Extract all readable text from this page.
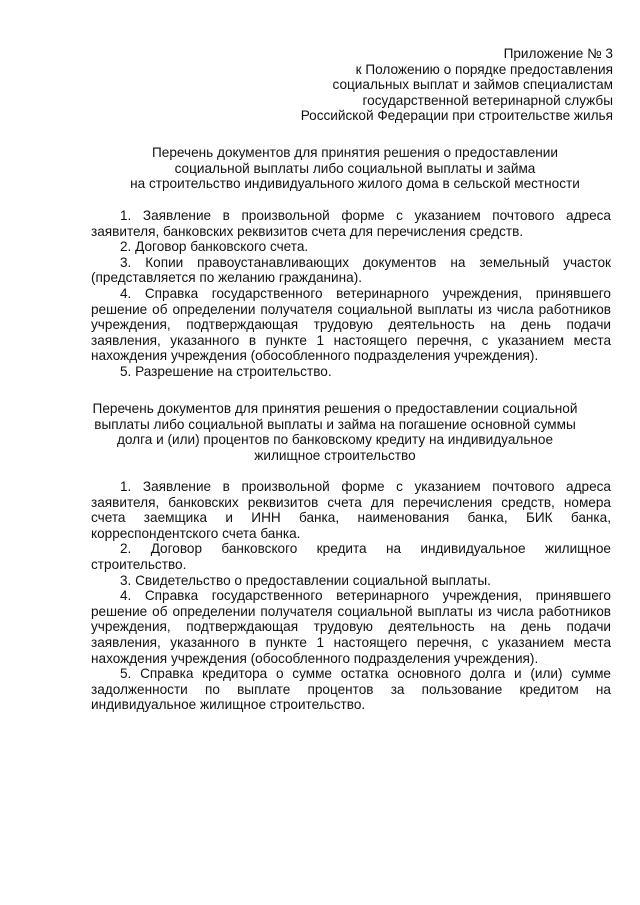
Приложение № 3
к Положению о порядке предоставления
социальных выплат и займов специалистам
государственной ветеринарной службы
Российской Федерации при строительстве жилья
Перечень документов для принятия решения о предоставлении
социальной выплаты либо социальной выплаты и займа
на строительство индивидуального жилого дома в сельской местности

1. Заявление в произвольной форме с указанием почтового адреса заявителя, банковских реквизитов счета для перечисления средств.

2. Договор банковского счета.

3. Копии правоустанавливающих документов на земельный участок (представляется по желанию гражданина).

4. Справка государственного ветеринарного учреждения, принявшего решение об определении получателя социальной выплаты из числа работников учреждения, подтверждающая трудовую деятельность на день подачи заявления, указанного в пункте 1 настоящего перечня, с указанием места нахождения учреждения (обособленного подразделения учреждения).

5. Разрешение на строительство.

Перечень документов для принятия решения о предоставлении социальной
выплаты либо социальной выплаты и займа на погашение основной суммы
долга и (или) процентов по банковскому кредиту на индивидуальное
жилищное строительство

1. Заявление в произвольной форме с указанием почтового адреса заявителя, банковских реквизитов счета для перечисления средств, номера счета заемщика и ИНН банка, наименования банка, БИК банка, корреспондентского счета банка.

2. Договор банковского кредита на индивидуальное жилищное строительство.

3. Свидетельство о предоставлении социальной выплаты.

4. Справка государственного ветеринарного учреждения, принявшего решение об определении получателя социальной выплаты из числа работников учреждения, подтверждающая трудовую деятельность на день подачи заявления, указанного в пункте 1 настоящего перечня, с указанием места нахождения учреждения (обособленного подразделения учреждения).

5. Справка кредитора о сумме остатка основного долга и (или) сумме задолженности по выплате процентов за пользование кредитом на индивидуальное жилищное строительство.
